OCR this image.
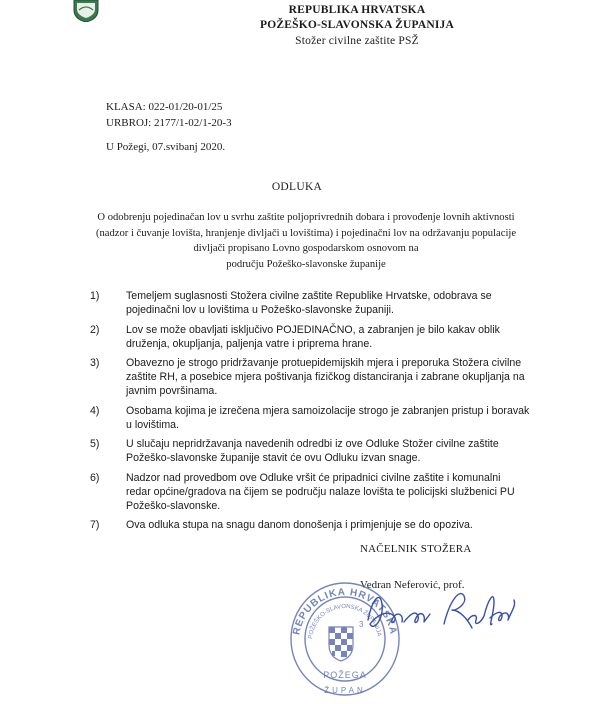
REPUBLIKA HRVATSKA
POŽEŠKO-SLAVONSKA ŽUPANIJA
Stožer civilne zaštite PSŽ
KLASA: 022-01/20-01/25
URBROJ: 2177/1-02/1-20-3
U Požegi, 07.svibanj 2020.
ODLUKA
O odobrenju pojedinačan lov u svrhu zaštite poljoprivrednih dobara i provođenje lovnih aktivnosti
(nadzor i čuvanje lovišta, hranjenje divljači u lovištima) i pojedinačni lov na održavanju populacije
divljači propisano Lovno gospodarskom osnovom na
području Požeško-slavonske županije
1)	Temeljem suglasnosti Stožera civilne zaštite Republike Hrvatske, odobrava se
pojedinačni lov u lovištima u Požeško-slavonske županiji.
2)	Lov se može obavljati isključivo POJEDINAČNO, a zabranjen je bilo kakav oblik
druženja, okupljanja, paljenja vatre i priprema hrane.
3)	Obavezno je strogo pridržavanje protuepidemijskih mjera i preporuka Stožera civilne
zaštite RH, a posebice mjera poštivanja fizičkog distanciranja i zabrane okupljanja na
javnim površinama.
4)	Osobama kojima je izrečena mjera samoizolacije strogo je zabranjen pristup i boravak
u lovištima.
5)	U slučaju nepridržavanja navedenih odredbi iz ove Odluke Stožer civilne zaštite
Požeško-slavonske županije stavit će ovu Odluku izvan snage.
6)	Nadzor nad provedbom ove Odluke vršit će pripadnici civilne zaštite i komunalni
redar općine/gradova na čijem se području nalaze lovišta te policijski službenici PU
Požeško-slavonske.
7)	Ova odluka stupa na snagu danom donošenja i primjenjuje se do opoziva.
NAČELNIK STOŽERA
Vedran Neferović, prof.
REPUBLIKA HRVATSKA
POŽEŠKO-SLAVONSKA ŽUPANIJA
3
POŽEGA
ŽUPAN
